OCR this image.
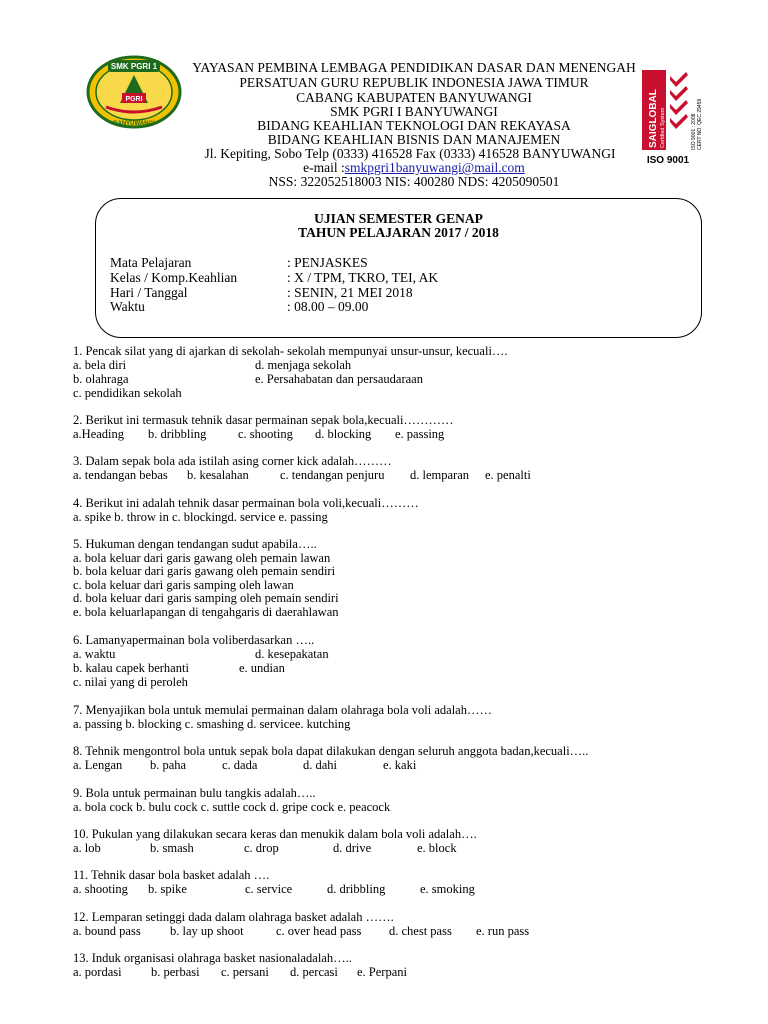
SMK PGRI 1
PGRI
BANYUWANGI
YAYASAN PEMBINA LEMBAGA PENDIDIKAN DASAR DAN MENENGAH
PERSATUAN GURU REPUBLIK INDONESIA JAWA TIMUR
CABANG KABUPATEN BANYUWANGI
SMK PGRI I BANYUWANGI
BIDANG KEAHLIAN TEKNOLOGI DAN REKAYASA
BIDANG KEAHLIAN BISNIS DAN MANAJEMEN
Jl. Kepiting, Sobo Telp (0333) 416528 Fax (0333) 416528 BANYUWANGI
e-mail :smkpgri1banyuwangi@mail.com
NSS: 322052518003 NIS: 400280 NDS: 4205090501
SAIGLOBAL Certified System	ISO 9001 : 2008 CERT NO. QEC 29459
ISO 9001
UJIAN SEMESTER GENAP
TAHUN PELAJARAN 2017 / 2018
Mata Pelajaran	: PENJASKES
Kelas / Komp.Keahlian	: X / TPM, TKRO, TEI, AK
Hari / Tanggal	: SENIN, 21 MEI 2018
Waktu	: 08.00 – 09.00
1. Pencak silat yang di ajarkan di sekolah- sekolah mempunyai unsur-unsur, kecuali….
a. bela diri	d. menjaga sekolah
b. olahraga	e. Persahabatan dan persaudaraan
c. pendidikan sekolah
2. Berikut ini termasuk tehnik dasar permainan sepak bola,kecuali…………
a.Heading b. dribbling	c. shooting d. blocking e. passing
3. Dalam sepak bola ada istilah asing corner kick adalah………
a. tendangan bebas b. kesalahan c. tendangan penjuru d. lemparan e. penalti
4. Berikut ini adalah tehnik dasar permainan bola voli,kecuali………
a. spike b. throw in c. blockingd. service e. passing
5. Hukuman dengan tendangan sudut apabila…..
a. bola keluar dari garis gawang oleh pemain lawan
b. bola keluar dari garis gawang oleh pemain sendiri
c. bola keluar dari garis samping oleh lawan
d. bola keluar dari garis samping oleh pemain sendiri
e. bola keluarlapangan di tengahgaris di daerahlawan
6. Lamanyapermainan bola voliberdasarkan …..
a. waktu	d. kesepakatan
b. kalau capek berhanti	e. undian
c. nilai yang di peroleh
7. Menyajikan bola untuk memulai permainan dalam olahraga bola voli adalah……
a. passing b. blocking c. smashing d. servicee. kutching
8. Tehnik mengontrol bola untuk sepak bola dapat dilakukan dengan seluruh anggota badan,kecuali…..
a. Lengan b. paha	c. dada	d. dahi	e. kaki
9. Bola untuk permainan bulu tangkis adalah…..
a. bola cock b. bulu cock c. suttle cock d. gripe cock e. peacock
10. Pukulan yang dilakukan secara keras dan menukik dalam bola voli adalah….
a. lob	b. smash	c. drop	d. drive	e. block
11. Tehnik dasar bola basket adalah ….
a. shooting b. spike	c. service	d. dribbling	e. smoking
12. Lemparan setinggi dada dalam olahraga basket adalah …….
a. bound pass b. lay up shoot	c. over head pass d. chest pass e. run pass
13. Induk organisasi olahraga basket nasionaladalah…..
a. pordasi b. perbasi c. persani d. percasi e. Perpani
